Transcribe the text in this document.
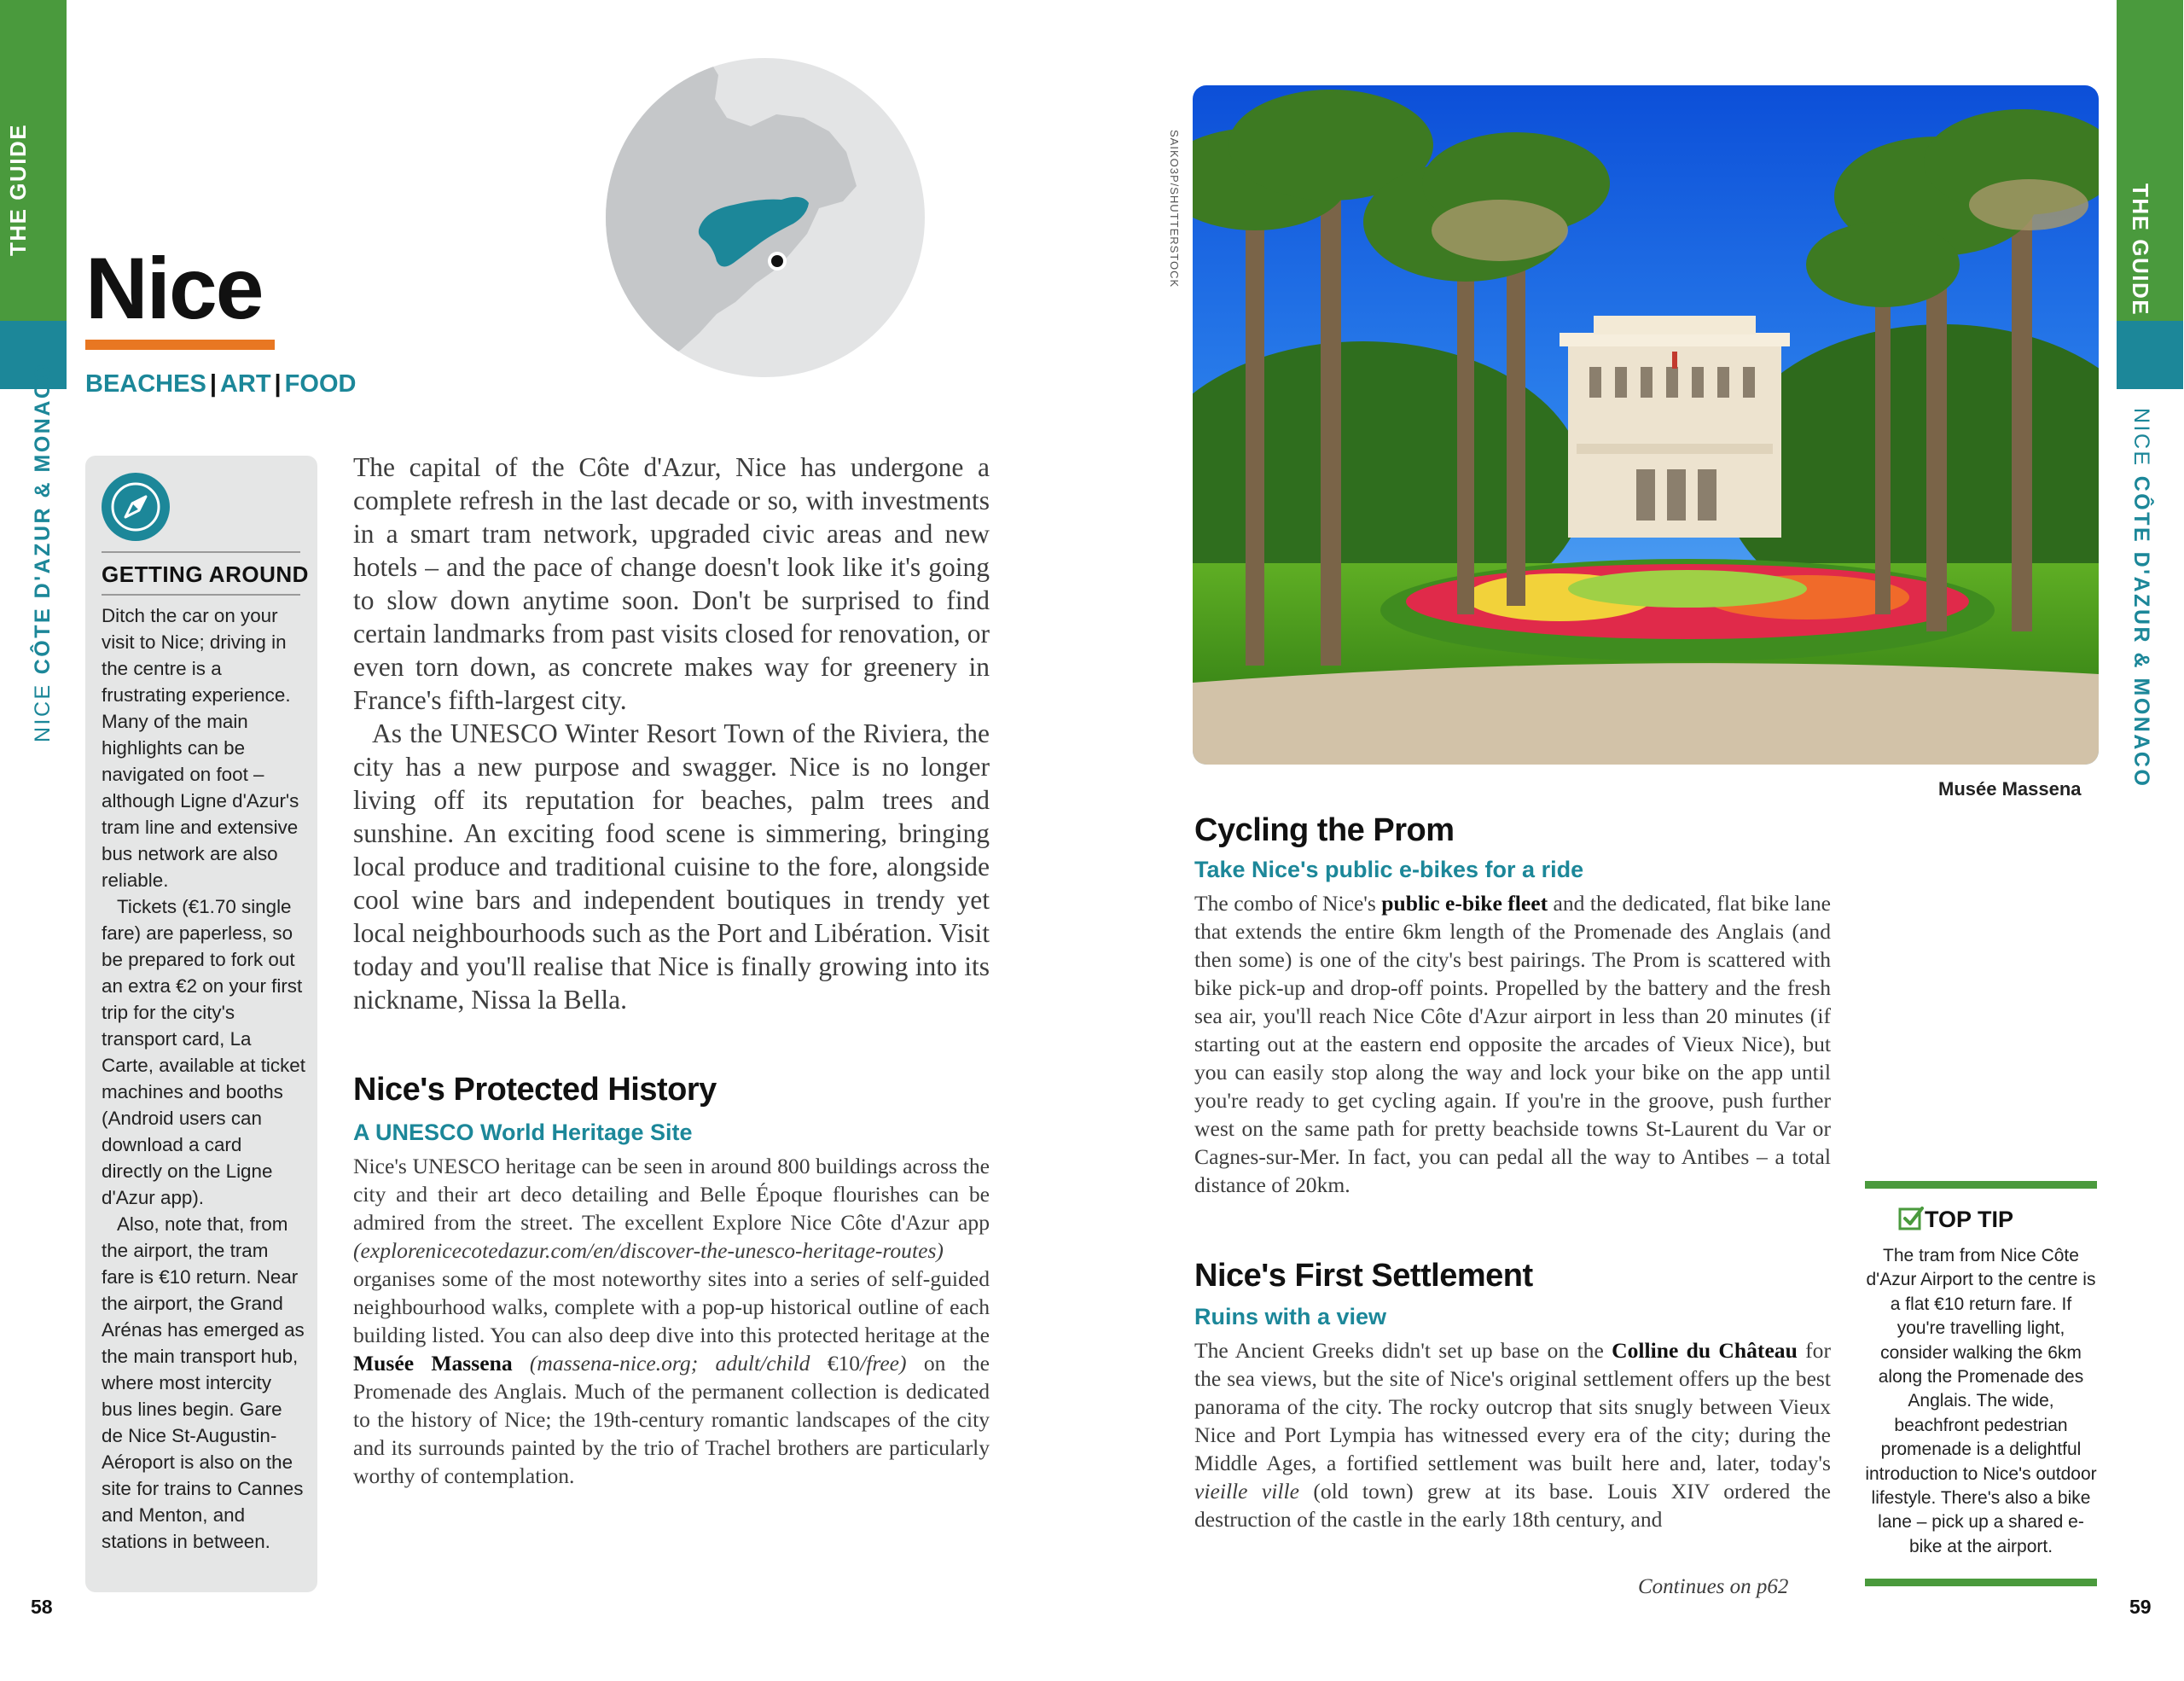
THE GUIDE
NICECÔTE D'AZUR & MONACO
THE GUIDE
NICECÔTE D'AZUR & MONACO
Nice
BEACHES | ART | FOOD
GETTING AROUND

Ditch the car on your visit to Nice; driving in the centre is a frustrating experience. Many of the main highlights can be navigated on foot – although Ligne d'Azur's tram line and extensive bus network are also reliable.

Tickets (€1.70 single fare) are paperless, so be prepared to fork out an extra €2 on your first trip for the city's transport card, La Carte, available at ticket machines and booths (Android users can download a card directly on the Ligne d'Azur app).

Also, note that, from the airport, the tram fare is €10 return. Near the airport, the Grand Arénas has emerged as the main transport hub, where most intercity bus lines begin. Gare de Nice St-Augustin-Aéroport is also on the site for trains to Cannes and Menton, and stations in between.

The capital of the Côte d'Azur, Nice has undergone a complete refresh in the last decade or so, with investments in a smart tram network, upgraded civic areas and new hotels – and the pace of change doesn't look like it's going to slow down anytime soon. Don't be surprised to find certain landmarks from past visits closed for renovation, or even torn down, as concrete makes way for greenery in France's fifth-largest city.

As the UNESCO Winter Resort Town of the Riviera, the city has a new purpose and swagger. Nice is no longer living off its reputation for beaches, palm trees and sunshine. An exciting food scene is simmering, bringing local produce and traditional cuisine to the fore, alongside cool wine bars and independent boutiques in trendy yet local neighbourhoods such as the Port and Libération. Visit today and you'll realise that Nice is finally growing into its nickname, Nissa la Bella.

Nice's Protected History
A UNESCO World Heritage Site
Nice's UNESCO heritage can be seen in around 800 buildings across the city and their art deco detailing and Belle Époque flourishes can be admired from the street. The excellent Explore Nice Côte d'Azur app (explorenicecotedazur.com/en/discover-the-unesco-heritage-routes) organises some of the most noteworthy sites into a series of self-guided neighbourhood walks, complete with a pop-up historical outline of each building listed. You can also deep dive into this protected heritage at the Musée Massena (massena-nice.org; adult/child €10/free) on the Promenade des Anglais. Much of the permanent collection is dedicated to the history of Nice; the 19th-century romantic landscapes of the city and its surrounds painted by the trio of Trachel brothers are particularly worthy of contemplation.
SAIKO3P/SHUTTERSTOCK
Musée Massena
Cycling the Prom
Take Nice's public e-bikes for a ride
The combo of Nice's public e-bike fleet and the dedicated, flat bike lane that extends the entire 6km length of the Promenade des Anglais (and then some) is one of the city's best pairings. The Prom is scattered with bike pick-up and drop-off points. Propelled by the battery and the fresh sea air, you'll reach Nice Côte d'Azur airport in less than 20 minutes (if starting out at the eastern end opposite the arcades of Vieux Nice), but you can easily stop along the way and lock your bike on the app until you're ready to get cycling again. If you're in the groove, push further west on the same path for pretty beachside towns St-Laurent du Var or Cagnes-sur-Mer. In fact, you can pedal all the way to Antibes – a total distance of 20km.
Nice's First Settlement
Ruins with a view
The Ancient Greeks didn't set up base on the Colline du Château for the sea views, but the site of Nice's original settlement offers up the best panorama of the city. The rocky outcrop that sits snugly between Vieux Nice and Port Lympia has witnessed every era of the city; during the Middle Ages, a fortified settlement was built here and, later, today's vieille ville (old town) grew at its base. Louis XIV ordered the destruction of the castle in the early 18th century, and
Continues on p62
TOP TIP
The tram from Nice Côte d'Azur Airport to the centre is a flat €10 return fare. If you're travelling light, consider walking the 6km along the Promenade des Anglais. The wide, beachfront pedestrian promenade is a delightful introduction to Nice's outdoor lifestyle. There's also a bike lane – pick up a shared e-bike at the airport.
58	59
